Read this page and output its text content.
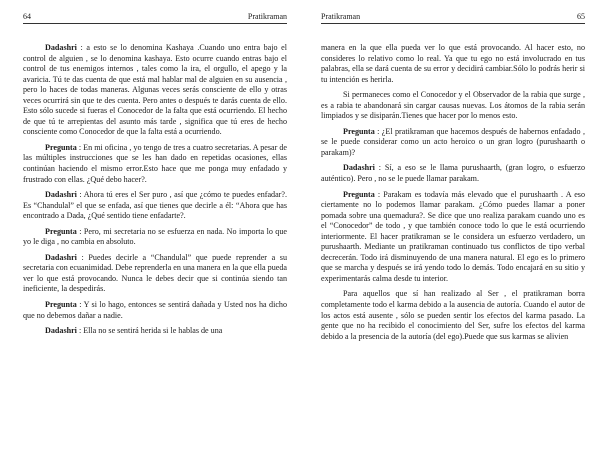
64	Pratikraman

Dadashri : a esto se lo denomina Kashaya .Cuando uno entra bajo el control de alguien , se lo denomina kashaya. Esto ocurre cuando entras bajo el control de tus enemigos internos , tales como la ira, el orgullo, el apego y la avaricia. Tú te das cuenta de que está mal hablar mal de alguien en su ausencia , pero lo haces de todas maneras. Algunas veces serás consciente de ello y otras veces ocurrirá sin que te des cuenta. Pero antes o después te darás cuenta de ello. Esto sólo sucede si fueras el Conocedor de la falta que está ocurriendo. El hecho de que tú te arrepientas del asunto más tarde , significa que tú eres de hecho consciente como Conocedor de que la falta está a ocurriendo.

Pregunta : En mi oficina , yo tengo de tres a cuatro secretarias. A pesar de las múltiples instrucciones que se les han dado en repetidas ocasiones, ellas continúan haciendo el mismo error.Esto hace que me ponga muy enfadado y frustrado con ellas. ¿Qué debo hacer?.

Dadashri : Ahora tú eres el Ser puro , así que ¿cómo te puedes enfadar?. Es “Chandulal” el que se enfada, así que tienes que decirle a él: “Ahora que has encontrado a Dada, ¿Qué sentido tiene enfadarte?.

Pregunta : Pero, mi secretaria no se esfuerza en nada. No importa lo que yo le diga , no cambia en absoluto.

Dadashri : Puedes decirle a “Chandulal” que puede reprender a su secretaria con ecuanimidad. Debe reprenderla en una manera en la que ella pueda ver lo que está provocando. Nunca le debes decir que si continúa siendo tan ineficiente, la despedirás.

Pregunta : Y si lo hago, entonces se sentirá dañada y Usted nos ha dicho que no debemos dañar a nadie.

Dadashri : Ella no se sentirá herida si le hablas de una

Pratikraman	65

manera en la que ella pueda ver lo que está provocando. Al hacer esto, no consideres lo relativo como lo real. Ya que tu ego no está involucrado en tus palabras, ella se dará cuenta de su error y decidirá cambiar.Sólo lo podrás herir si tu intención es herirla.

Si permaneces como el Conocedor y el Observador de la rabia que surge , es a rabia te abandonará sin cargar causas nuevas. Los átomos de la rabia serán limpiados y se disiparán.Tienes que hacer por lo menos esto.

Pregunta : ¿El pratikraman que hacemos después de habernos enfadado , se le puede considerar como un acto heroico o un gran logro (purushaarth o parakam)?

Dadashri : Sí, a eso se le llama purushaarth, (gran logro, o esfuerzo auténtico). Pero , no se le puede llamar parakam.

Pregunta : Parakam es todavía más elevado que el purushaarth . A eso ciertamente no lo podemos llamar parakam. ¿Cómo puedes llamar a poner pomada sobre una quemadura?. Se dice que uno realiza parakam cuando uno es el “Conocedor” de todo , y que también conoce todo lo que le está ocurriendo interiormente. El hacer pratikraman se le considera un esfuerzo verdadero, un purushaarth. Mediante un pratikraman continuado tus conflictos de tipo verbal decrecerán. Todo irá disminuyendo de una manera natural. El ego es lo primero que se marcha y después se irá yendo todo lo demás. Todo encajará en su sitio y experimentarás calma desde tu interior.

Para aquellos que sí han realizado al Ser , el pratikraman borra completamente todo el karma debido a la ausencia de autoría. Cuando el autor de los actos está ausente , sólo se pueden sentir los efectos del karma pasado. La gente que no ha recibido el conocimiento del Ser, sufre los efectos del karma debido a la presencia de la autoría (del ego).Puede que sus karmas se alivien
